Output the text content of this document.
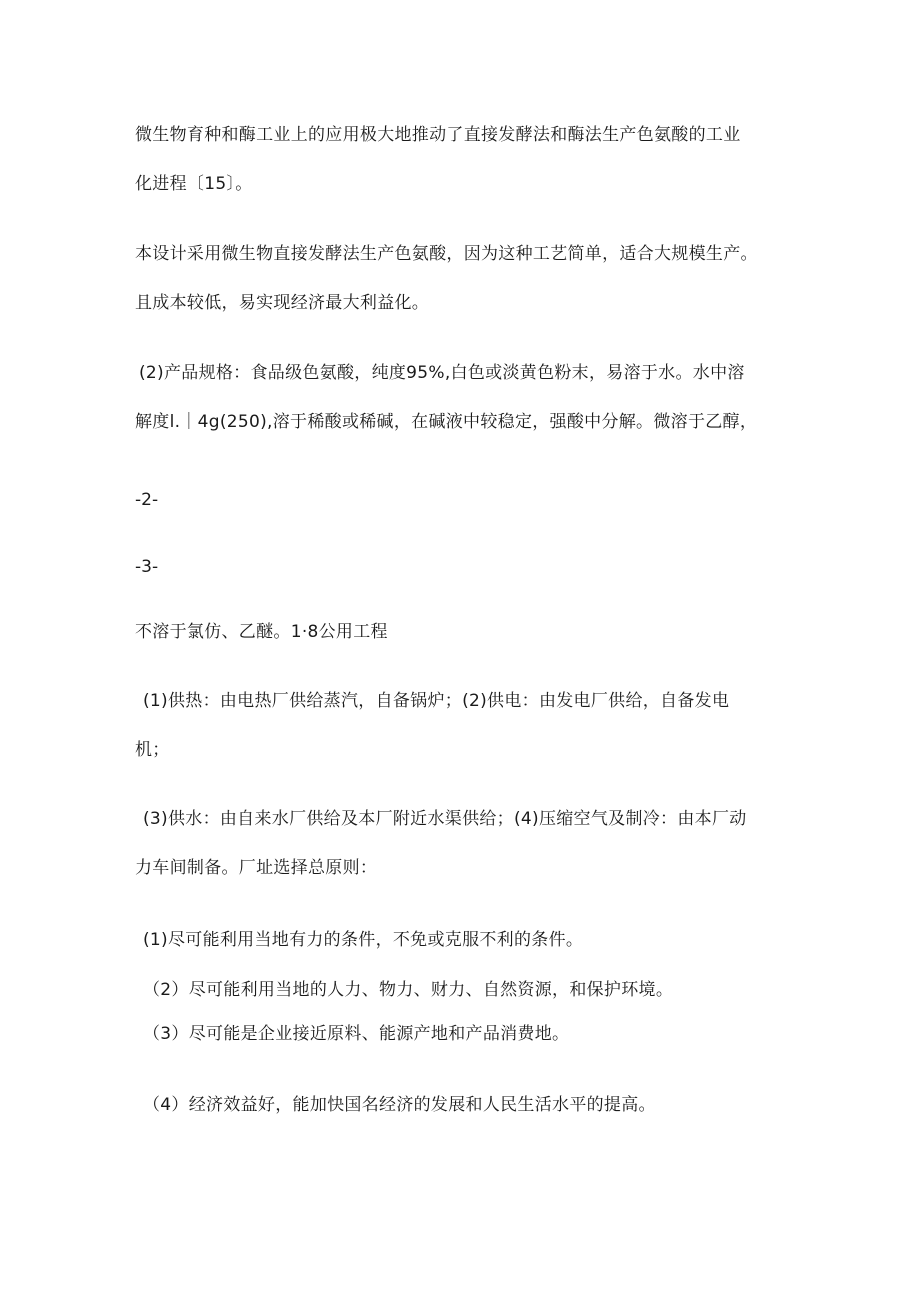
微生物育种和酶工业上的应用极大地推动了直接发酵法和酶法生产色氨酸的工业
化进程〔15〕。
本设计采用微生物直接发酵法生产色氨酸，因为这种工艺简单，适合大规模生产。
且成本较低，易实现经济最大利益化。
(2)产品规格：食品级色氨酸，纯度95%,白色或淡黄色粉末，易溶于水。水中溶
解度l.｜4g(250),溶于稀酸或稀碱，在碱液中较稳定，强酸中分解。微溶于乙醇，
-2-
-3-
不溶于氯仿、乙醚。1·8公用工程
(1)供热：由电热厂供给蒸汽，自备锅炉；(2)供电：由发电厂供给，自备发电
机；
(3)供水：由自来水厂供给及本厂附近水渠供给；(4)压缩空气及制冷：由本厂动
力车间制备。厂址选择总原则：
(1)尽可能利用当地有力的条件，不免或克服不利的条件。
（2）尽可能利用当地的人力、物力、财力、自然资源，和保护环境。
（3）尽可能是企业接近原料、能源产地和产品消费地。
（4）经济效益好，能加快国名经济的发展和人民生活水平的提高。
